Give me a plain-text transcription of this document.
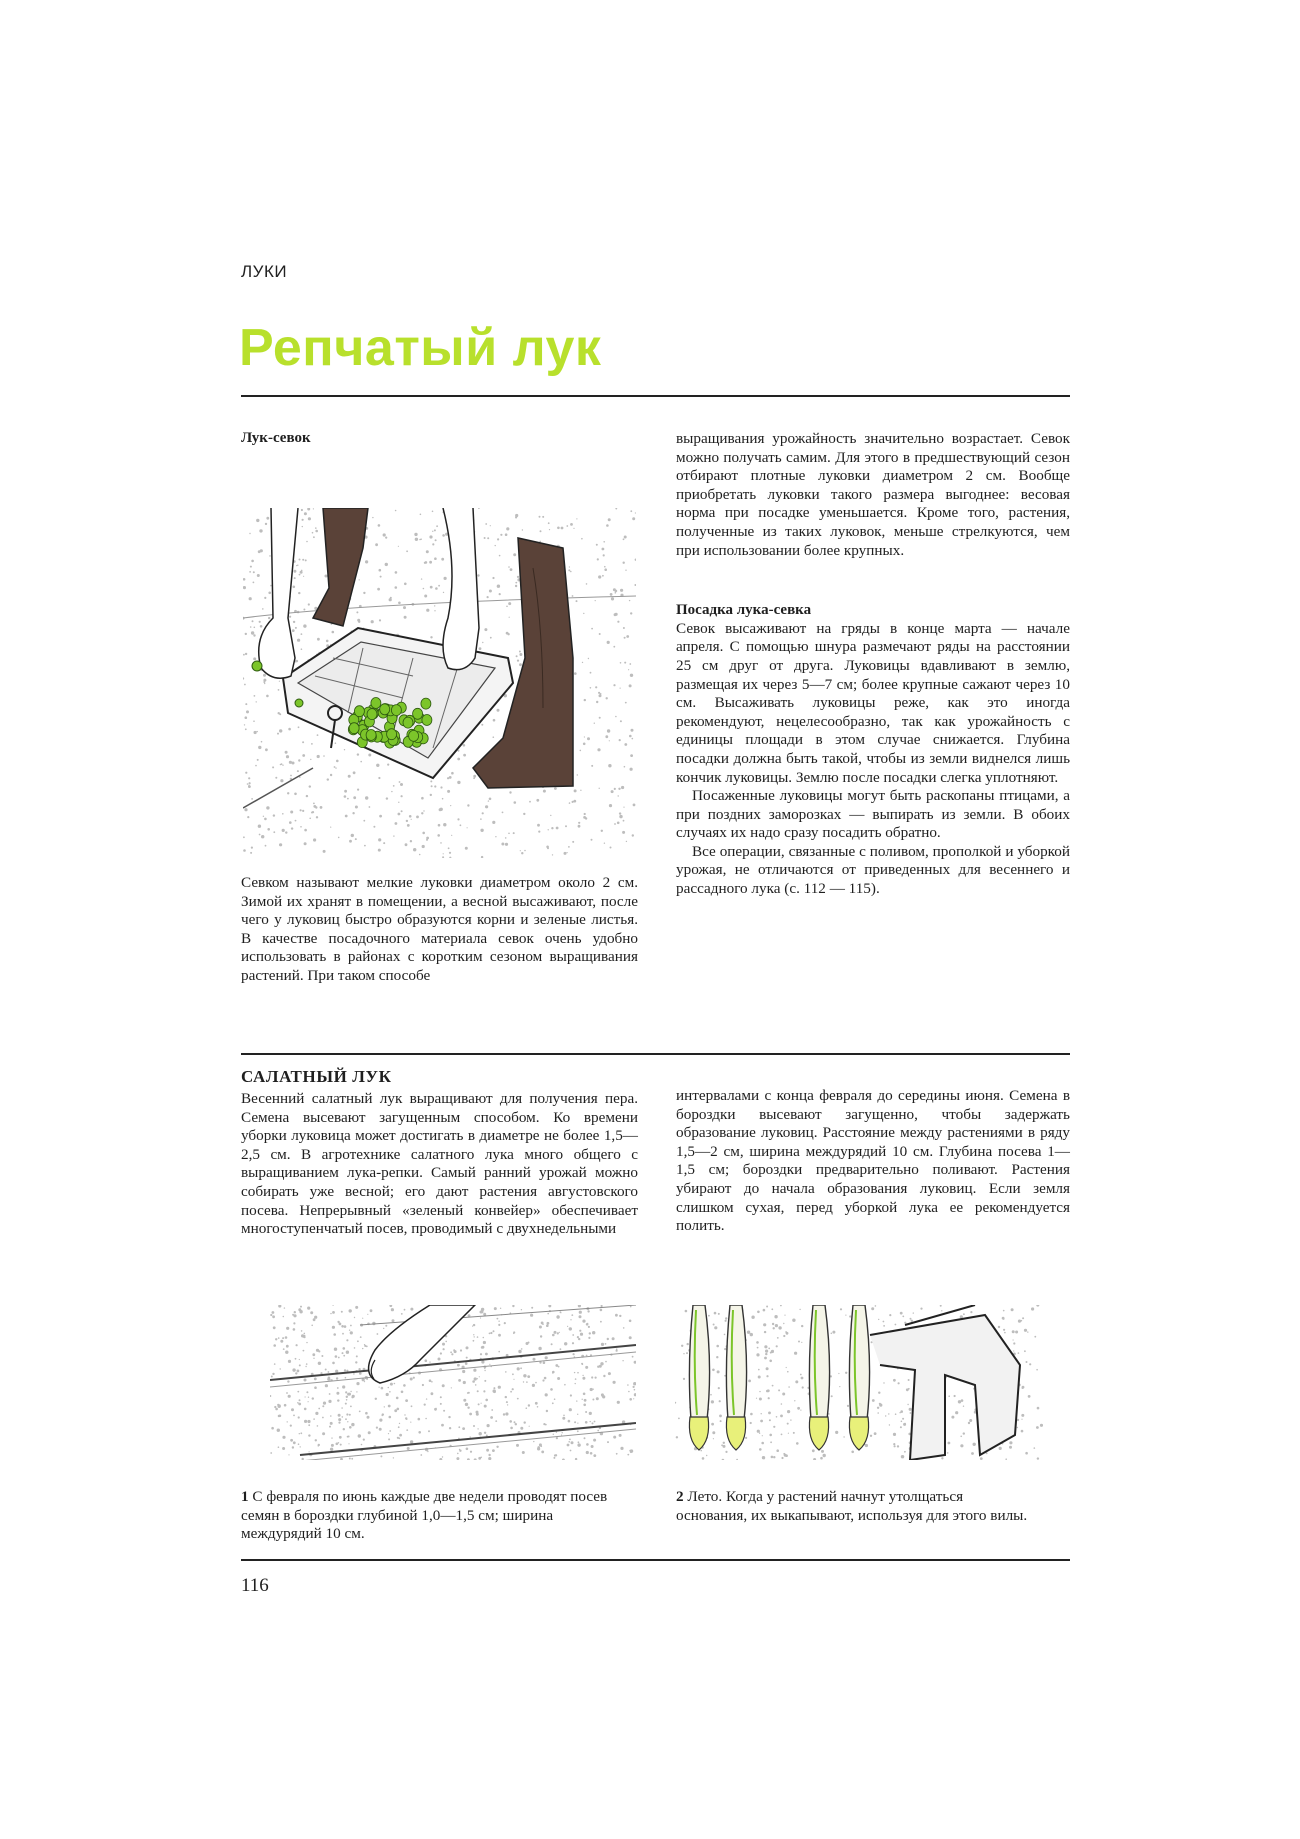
ЛУКИ
Репчатый лук
Лук-севок

Севком называют мелкие луковки диаметром около 2 см. Зимой их хранят в помещении, а весной высаживают, после чего у луковиц быстро образуются корни и зеленые листья. В качестве посадочного материала севок очень удобно использовать в районах с коротким сезоном выращивания растений. При таком способе

выращивания урожайность значительно возрастает. Севок можно получать самим. Для этого в предшествующий сезон отбирают плотные луковки диаметром 2 см. Вообще приобретать луковки такого размера выгоднее: весовая норма при посадке уменьшается. Кроме того, растения, полученные из таких луковок, меньше стрелкуются, чем при использовании более крупных.

Посадка лука-севка

Севок высаживают на гряды в конце марта — начале апреля. С помощью шнура размечают ряды на расстоянии 25 см друг от друга. Луковицы вдавливают в землю, размещая их через 5—7 см; более крупные сажают через 10 см. Высаживать луковицы реже, как это иногда рекомендуют, нецелесообразно, так как урожайность с единицы площади в этом случае снижается. Глубина посадки должна быть такой, чтобы из земли виднелся лишь кончик луковицы. Землю после посадки слегка уплотняют.

Посаженные луковицы могут быть раскопаны птицами, а при поздних заморозках — выпирать из земли. В обоих случаях их надо сразу посадить обратно.

Все операции, связанные с поливом, прополкой и уборкой урожая, не отличаются от приведенных для весеннего и рассадного лука (с. 112 — 115).

САЛАТНЫЙ ЛУК

Весенний салатный лук выращивают для получения пера. Семена высевают загущенным способом. Ко времени уборки луковица может достигать в диаметре не более 1,5—2,5 см. В агротехнике салатного лука много общего с выращиванием лука-репки. Самый ранний урожай можно собирать уже весной; его дают растения августовского посева. Непрерывный «зеленый конвейер» обеспечивает многоступенчатый посев, проводимый с двухнедельными

интервалами с конца февраля до середины июня. Семена в бороздки высевают загущенно, чтобы задержать образование луковиц. Расстояние между растениями в ряду 1,5—2 см, ширина междурядий 10 см. Глубина посева 1—1,5 см; бороздки предварительно поливают. Растения убирают до начала образования луковиц. Если земля слишком сухая, перед уборкой лука ее рекомендуется полить.

1 С февраля по июнь каждые две недели проводят посев семян в бороздки глубиной 1,0—1,5 см; ширина междурядий 10 см.
2 Лето. Когда у растений начнут утолщаться основания, их выкапывают, используя для этого вилы.
116
